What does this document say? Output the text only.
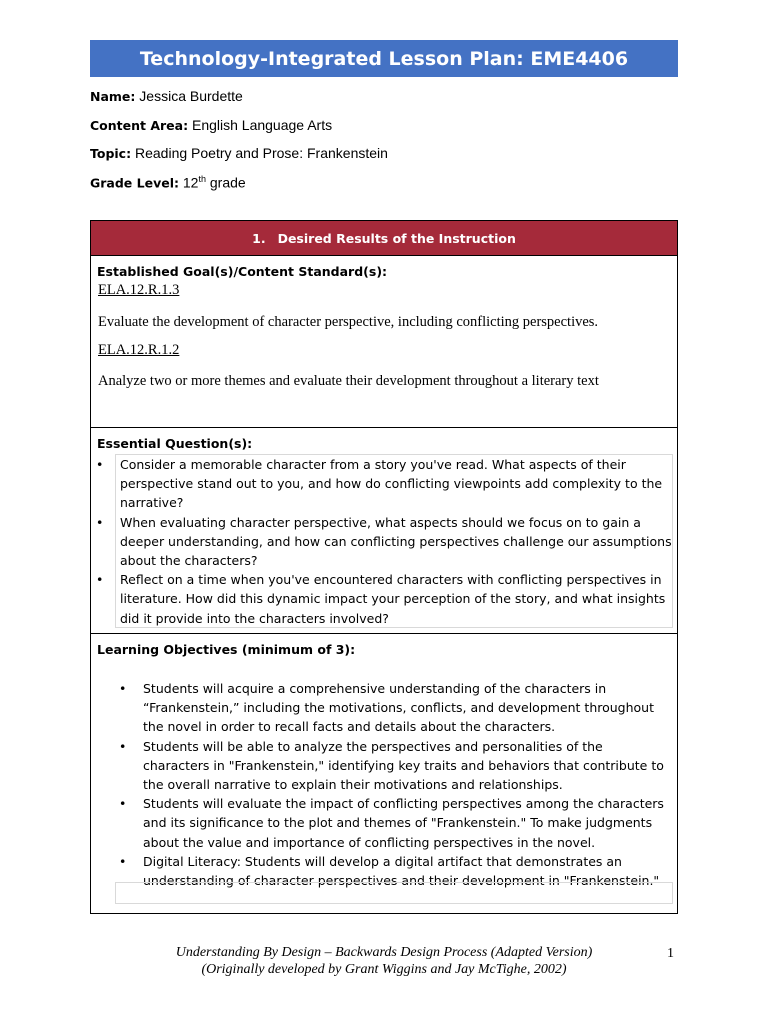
Technology-Integrated Lesson Plan: EME4406
Name: Jessica Burdette
Content Area: English Language Arts
Topic: Reading Poetry and Prose: Frankenstein
Grade Level: 12th grade
1. Desired Results of the Instruction
Established Goal(s)/Content Standard(s):
ELA.12.R.1.3
Evaluate the development of character perspective, including conflicting perspectives.
ELA.12.R.1.2
Analyze two or more themes and evaluate their development throughout a literary text
Essential Question(s):
• Consider a memorable character from a story you've read. What aspects of their perspective stand out to you, and how do conflicting viewpoints add complexity to the narrative?
• When evaluating character perspective, what aspects should we focus on to gain a deeper understanding, and how can conflicting perspectives challenge our assumptions about the characters?
• Reflect on a time when you've encountered characters with conflicting perspectives in literature. How did this dynamic impact your perception of the story, and what insights did it provide into the characters involved?
Learning Objectives (minimum of 3):
• Students will acquire a comprehensive understanding of the characters in “Frankenstein,” including the motivations, conflicts, and development throughout the novel in order to recall facts and details about the characters.
• Students will be able to analyze the perspectives and personalities of the characters in "Frankenstein," identifying key traits and behaviors that contribute to the overall narrative to explain their motivations and relationships.
• Students will evaluate the impact of conflicting perspectives among the characters and its significance to the plot and themes of "Frankenstein." To make judgments about the value and importance of conflicting perspectives in the novel.
• Digital Literacy: Students will develop a digital artifact that demonstrates an understanding of character perspectives and their development in "Frankenstein."
Understanding By Design – Backwards Design Process (Adapted Version)
(Originally developed by Grant Wiggins and Jay McTighe, 2002)
1
